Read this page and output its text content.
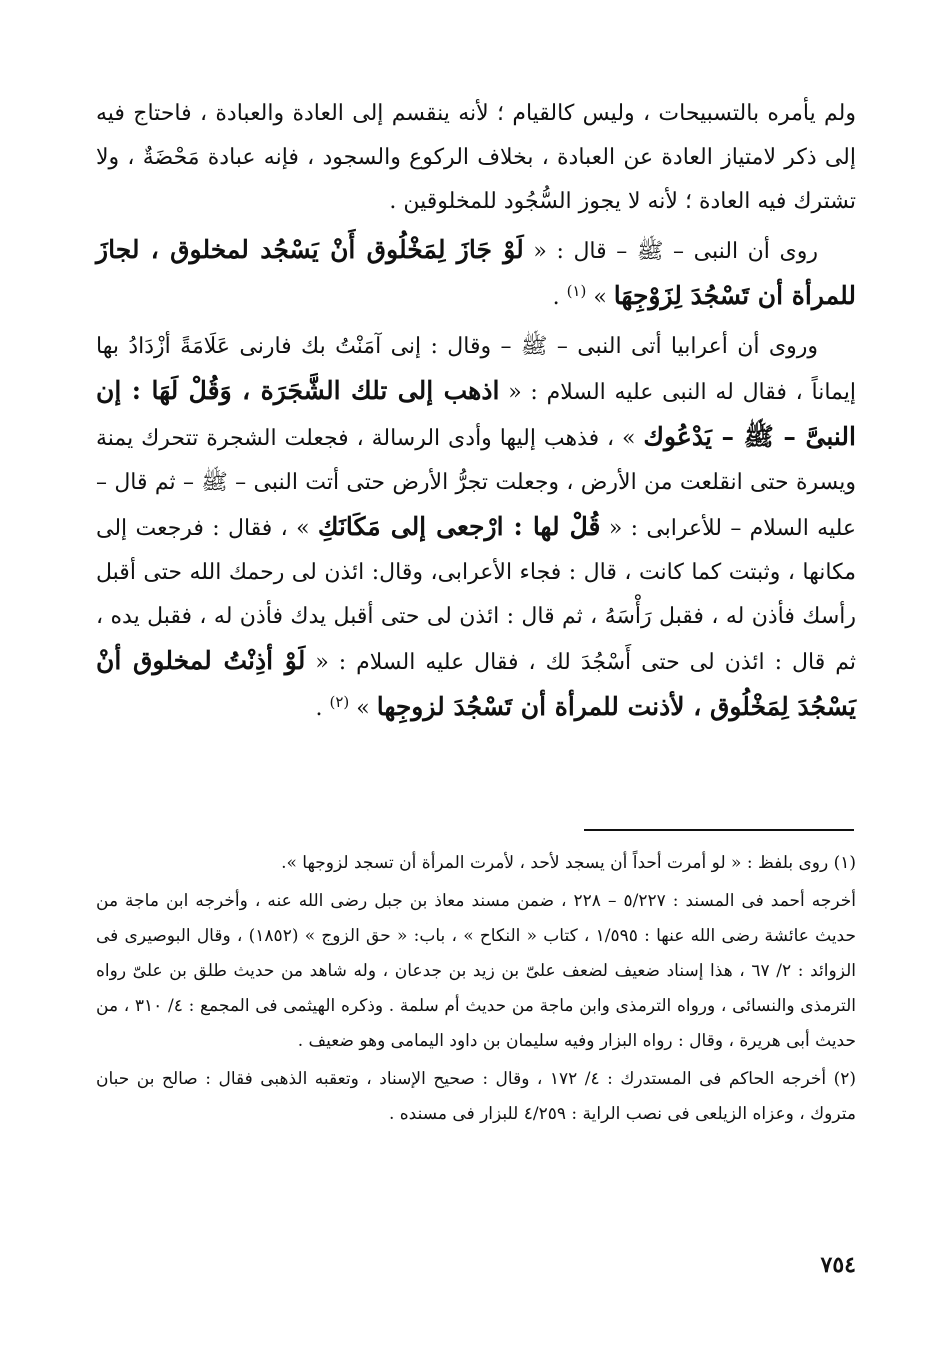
ولم يأمره بالتسبيحات ، وليس كالقيام ؛ لأنه ينقسم إلى العادة والعبادة ، فاحتاج فيه إلى ذكر لامتياز العادة عن العبادة ، بخلاف الركوع والسجود ، فإنه عبادة مَحْضَةٌ ، ولا تشترك فيه العادة ؛ لأنه لا يجوز السُّجُود للمخلوقين .

روى أن النبى – ﷺ – قال : « لَوْ جَازَ لِمَخْلُوق أَنْ يَسْجُد لمخلوق ، لجازَ للمرأة أن تَسْجُدَ لِزَوْجِهَا » $^{(١)}$ .

وروى أن أعرابيا أتى النبى – ﷺ – وقال : إنى آمَنْتُ بك فارنى عَلَامَةً أزْدَادُ بها إيماناً ، فقال له النبى عليه السلام : « اذهب إلى تلك الشَّجَرَة ، وَقُلْ لَهَا : إن النبىَّ – ﷺ – يَدْعُوك » ، فذهب إليها وأدى الرسالة ، فجعلت الشجرة تتحرك يمنة ويسرة حتى انقلعت من الأرض ، وجعلت تجرُّ الأرض حتى أتت النبى – ﷺ – ثم قال – عليه السلام – للأعرابى : « قُلْ لها : ارْجعى إلى مَكَانَكِ » ، فقال : فرجعت إلى مكانها ، وثبتت كما كانت ، قال : فجاء الأعرابى، وقال: ائذن لى رحمك الله حتى أقبل رأسك فأذن له ، فقبل رَأْسَهُ ، ثم قال : ائذن لى حتى أقبل يدك فأذن له ، فقبل يده ، ثم قال : ائذن لى حتى أَسْجُدَ لك ، فقال عليه السلام : « لَوْ أذِنْتُ لمخلوق أنْ يَسْجُدَ لِمَخْلُوق ، لأذنت للمرأة أن تَسْجُدَ لزوجِها » $^{(٢)}$ .

(١) روى بلفظ : « لو أمرت أحداً أن يسجد لأحد ، لأمرت المرأة أن تسجد لزوجها ».

أخرجه أحمد فى المسند : ٥/٢٢٧ – ٢٢٨ ، ضمن مسند معاذ بن جبل رضى الله عنه ، وأخرجه ابن ماجة من حديث عائشة رضى الله عنها : ١/٥٩٥ ، كتاب « النكاح » ، باب: « حق الزوج » (١٨٥٢) ، وقال البوصيرى فى الزوائد : ٢/ ٦٧ ، هذا إسناد ضعيف لضعف علىّ بن زيد بن جدعان ، وله شاهد من حديث طلق بن علىّ رواه الترمذى والنسائى ، ورواه الترمذى وابن ماجة من حديث أم سلمة . وذكره الهيثمى فى المجمع : ٤/ ٣١٠ ، من حديث أبى هريرة ، وقال : رواه البزار وفيه سليمان بن داود اليمامى وهو ضعيف .

(٢) أخرجه الحاكم فى المستدرك : ٤/ ١٧٢ ، وقال : صحيح الإسناد ، وتعقبه الذهبى فقال : صالح بن حبان متروك ، وعزاه الزيلعى فى نصب الراية : ٤/٢٥٩ للبزار فى مسنده .

٧٥٤
